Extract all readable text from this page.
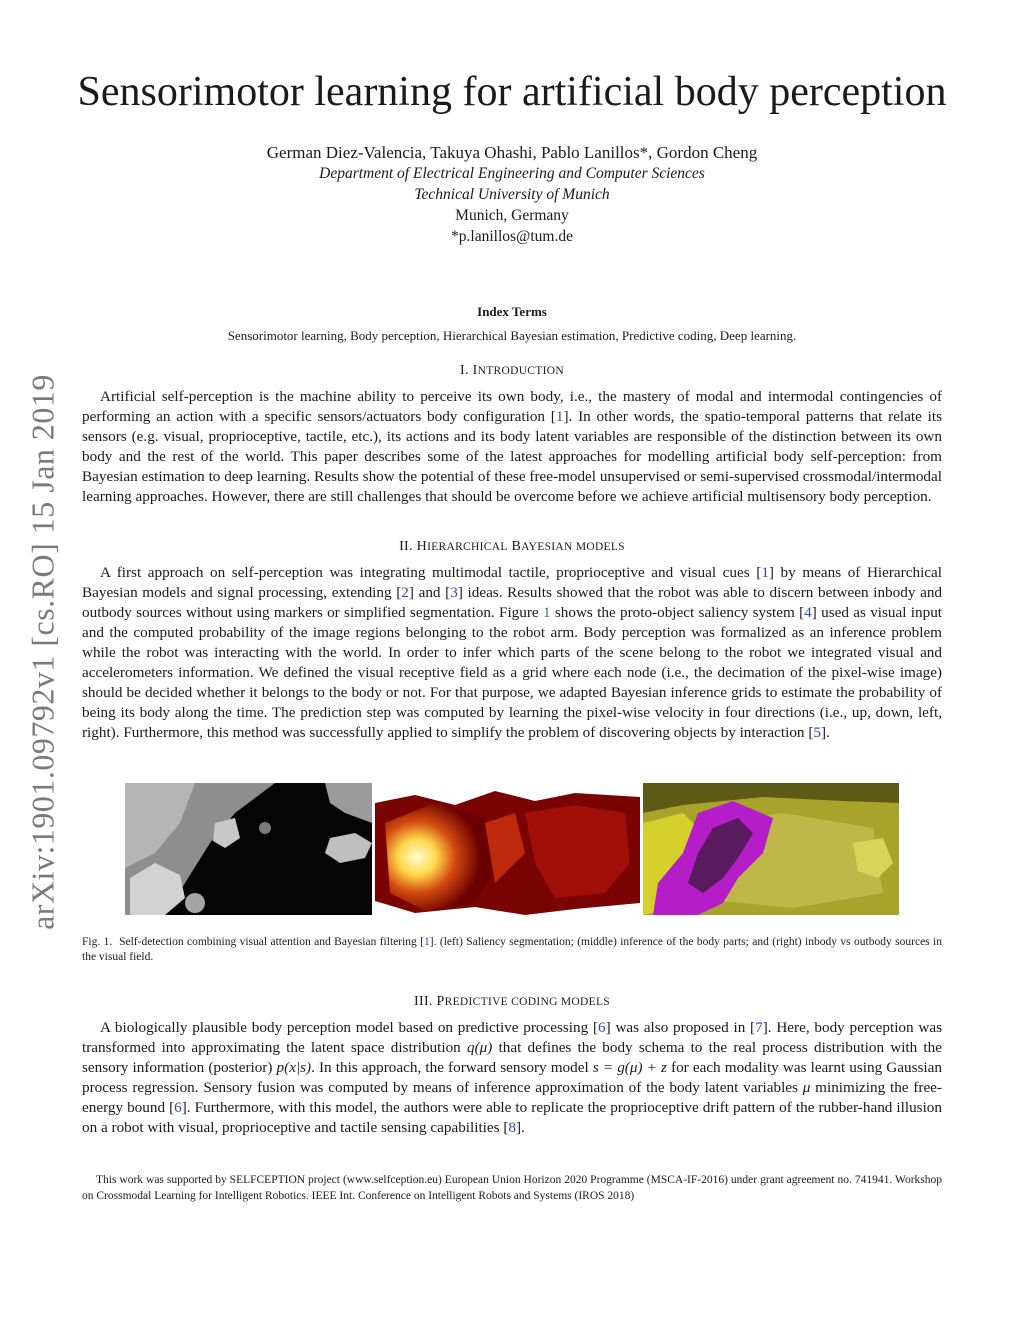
arXiv:1901.09792v1 [cs.RO] 15 Jan 2019
Sensorimotor learning for artificial body perception
German Diez-Valencia, Takuya Ohashi, Pablo Lanillos*, Gordon Cheng
Department of Electrical Engineering and Computer Sciences
Technical University of Munich
Munich, Germany
*p.lanillos@tum.de
Index Terms
Sensorimotor learning, Body perception, Hierarchical Bayesian estimation, Predictive coding, Deep learning.
I. INTRODUCTION

Artificial self-perception is the machine ability to perceive its own body, i.e., the mastery of modal and intermodal contingencies of performing an action with a specific sensors/actuators body configuration [1]. In other words, the spatio-temporal patterns that relate its sensors (e.g. visual, proprioceptive, tactile, etc.), its actions and its body latent variables are responsible of the distinction between its own body and the rest of the world. This paper describes some of the latest approaches for modelling artificial body self-perception: from Bayesian estimation to deep learning. Results show the potential of these free-model unsupervised or semi-supervised crossmodal/intermodal learning approaches. However, there are still challenges that should be overcome before we achieve artificial multisensory body perception.

II. HIERARCHICAL BAYESIAN MODELS

A first approach on self-perception was integrating multimodal tactile, proprioceptive and visual cues [1] by means of Hierarchical Bayesian models and signal processing, extending [2] and [3] ideas. Results showed that the robot was able to discern between inbody and outbody sources without using markers or simplified segmentation. Figure 1 shows the proto-object saliency system [4] used as visual input and the computed probability of the image regions belonging to the robot arm. Body perception was formalized as an inference problem while the robot was interacting with the world. In order to infer which parts of the scene belong to the robot we integrated visual and accelerometers information. We defined the visual receptive field as a grid where each node (i.e., the decimation of the pixel-wise image) should be decided whether it belongs to the body or not. For that purpose, we adapted Bayesian inference grids to estimate the probability of being its body along the time. The prediction step was computed by learning the pixel-wise velocity in four directions (i.e., up, down, left, right). Furthermore, this method was successfully applied to simplify the problem of discovering objects by interaction [5].

Fig. 1. Self-detection combining visual attention and Bayesian filtering [1]. (left) Saliency segmentation; (middle) inference of the body parts; and (right) inbody vs outbody sources in the visual field.
III. PREDICTIVE CODING MODELS

A biologically plausible body perception model based on predictive processing [6] was also proposed in [7]. Here, body perception was transformed into approximating the latent space distribution q(μ) that defines the body schema to the real process distribution with the sensory information (posterior) p(x|s). In this approach, the forward sensory model s = g(μ) + z for each modality was learnt using Gaussian process regression. Sensory fusion was computed by means of inference approximation of the body latent variables μ minimizing the free-energy bound [6]. Furthermore, with this model, the authors were able to replicate the proprioceptive drift pattern of the rubber-hand illusion on a robot with visual, proprioceptive and tactile sensing capabilities [8].

This work was supported by SELFCEPTION project (www.selfception.eu) European Union Horizon 2020 Programme (MSCA-IF-2016) under grant agreement no. 741941. Workshop on Crossmodal Learning for Intelligent Robotics. IEEE Int. Conference on Intelligent Robots and Systems (IROS 2018)
